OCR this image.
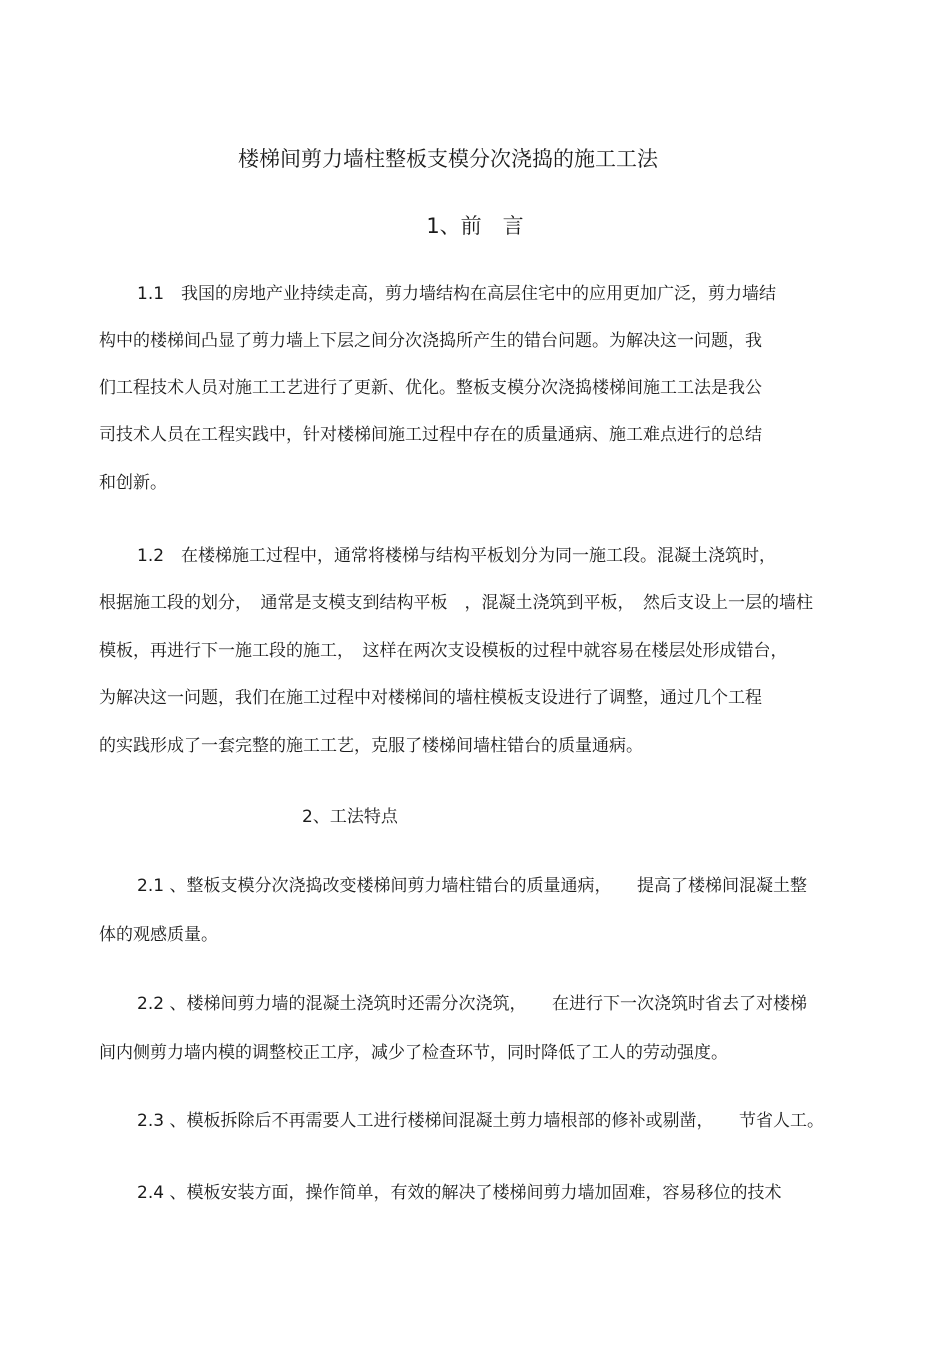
楼梯间剪力墙柱整板支模分次浇捣的施工工法
1、前　言
1.1　我国的房地产业持续走高，剪力墙结构在高层住宅中的应用更加广泛，剪力墙结
构中的楼梯间凸显了剪力墙上下层之间分次浇捣所产生的错台问题。为解决这一问题，我
们工程技术人员对施工工艺进行了更新、优化。整板支模分次浇捣楼梯间施工工法是我公
司技术人员在工程实践中，针对楼梯间施工过程中存在的质量通病、施工难点进行的总结
和创新。
1.2　在楼梯施工过程中，通常将楼梯与结构平板划分为同一施工段。混凝土浇筑时，
根据施工段的划分，　通常是支模支到结构平板　，混凝土浇筑到平板，　然后支设上一层的墙柱
模板，再进行下一施工段的施工，　这样在两次支设模板的过程中就容易在楼层处形成错台，
为解决这一问题，我们在施工过程中对楼梯间的墙柱模板支设进行了调整，通过几个工程
的实践形成了一套完整的施工工艺，克服了楼梯间墙柱错台的质量通病。
2、工法特点
2.1 、整板支模分次浇捣改变楼梯间剪力墙柱错台的质量通病，　　提高了楼梯间混凝土整
体的观感质量。
2.2 、楼梯间剪力墙的混凝土浇筑时还需分次浇筑，　　在进行下一次浇筑时省去了对楼梯
间内侧剪力墙内模的调整校正工序，减少了检查环节，同时降低了工人的劳动强度。
2.3 、模板拆除后不再需要人工进行楼梯间混凝土剪力墙根部的修补或剔凿，　　节省人工。
2.4 、模板安装方面，操作简单，有效的解决了楼梯间剪力墙加固难，容易移位的技术
